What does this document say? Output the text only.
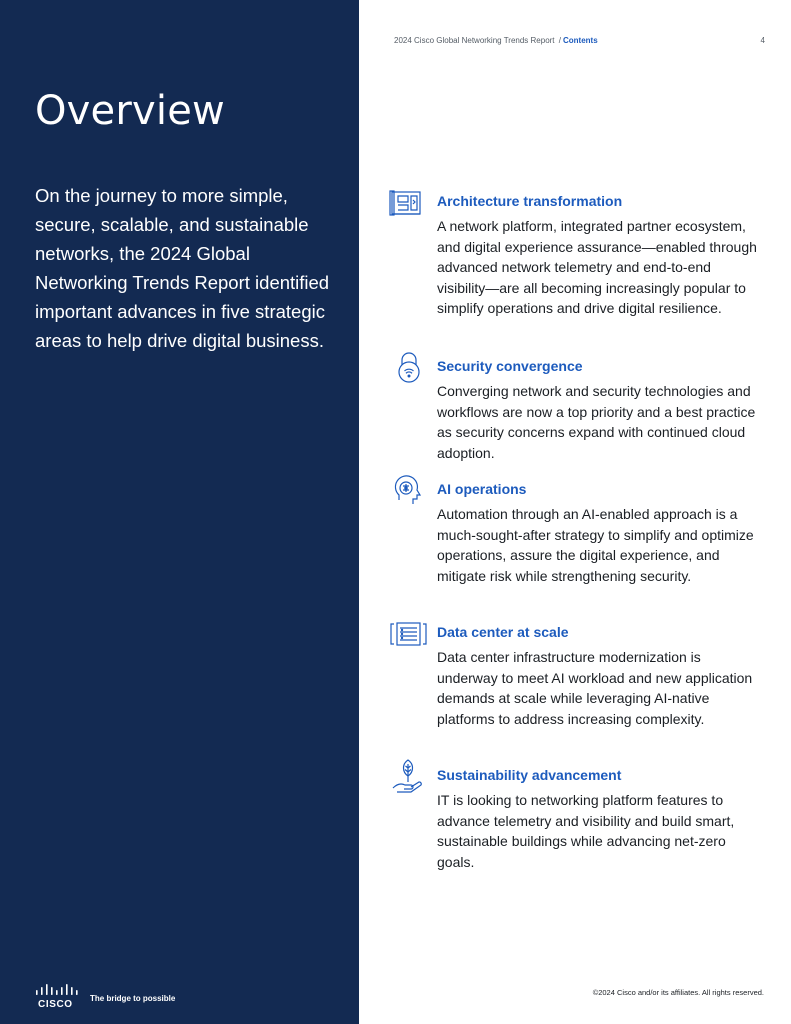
Overview

On the journey to more simple, secure, scalable, and sustainable networks, the 2024 Global Networking Trends Report identified important advances in five strategic areas to help drive digital business.

CISCO
The bridge to possible
2024 Cisco Global Networking Trends Report / Contents	4
Architecture transformation

A network platform, integrated partner ecosystem, and digital experience assurance—enabled through advanced network telemetry and end-to-end visibility—are all becoming increasingly popular to simplify operations and drive digital resilience.

Security convergence

Converging network and security technologies and workflows are now a top priority and a best practice as security concerns expand with continued cloud adoption.

AI operations

Automation through an AI-enabled approach is a much-sought-after strategy to simplify and optimize operations, assure the digital experience, and mitigate risk while strengthening security.

Data center at scale

Data center infrastructure modernization is underway to meet AI workload and new application demands at scale while leveraging AI-native platforms to address increasing complexity.

Sustainability advancement

IT is looking to networking platform features to advance telemetry and visibility and build smart, sustainable buildings while advancing net-zero goals.

©2024 Cisco and/or its affiliates. All rights reserved.
